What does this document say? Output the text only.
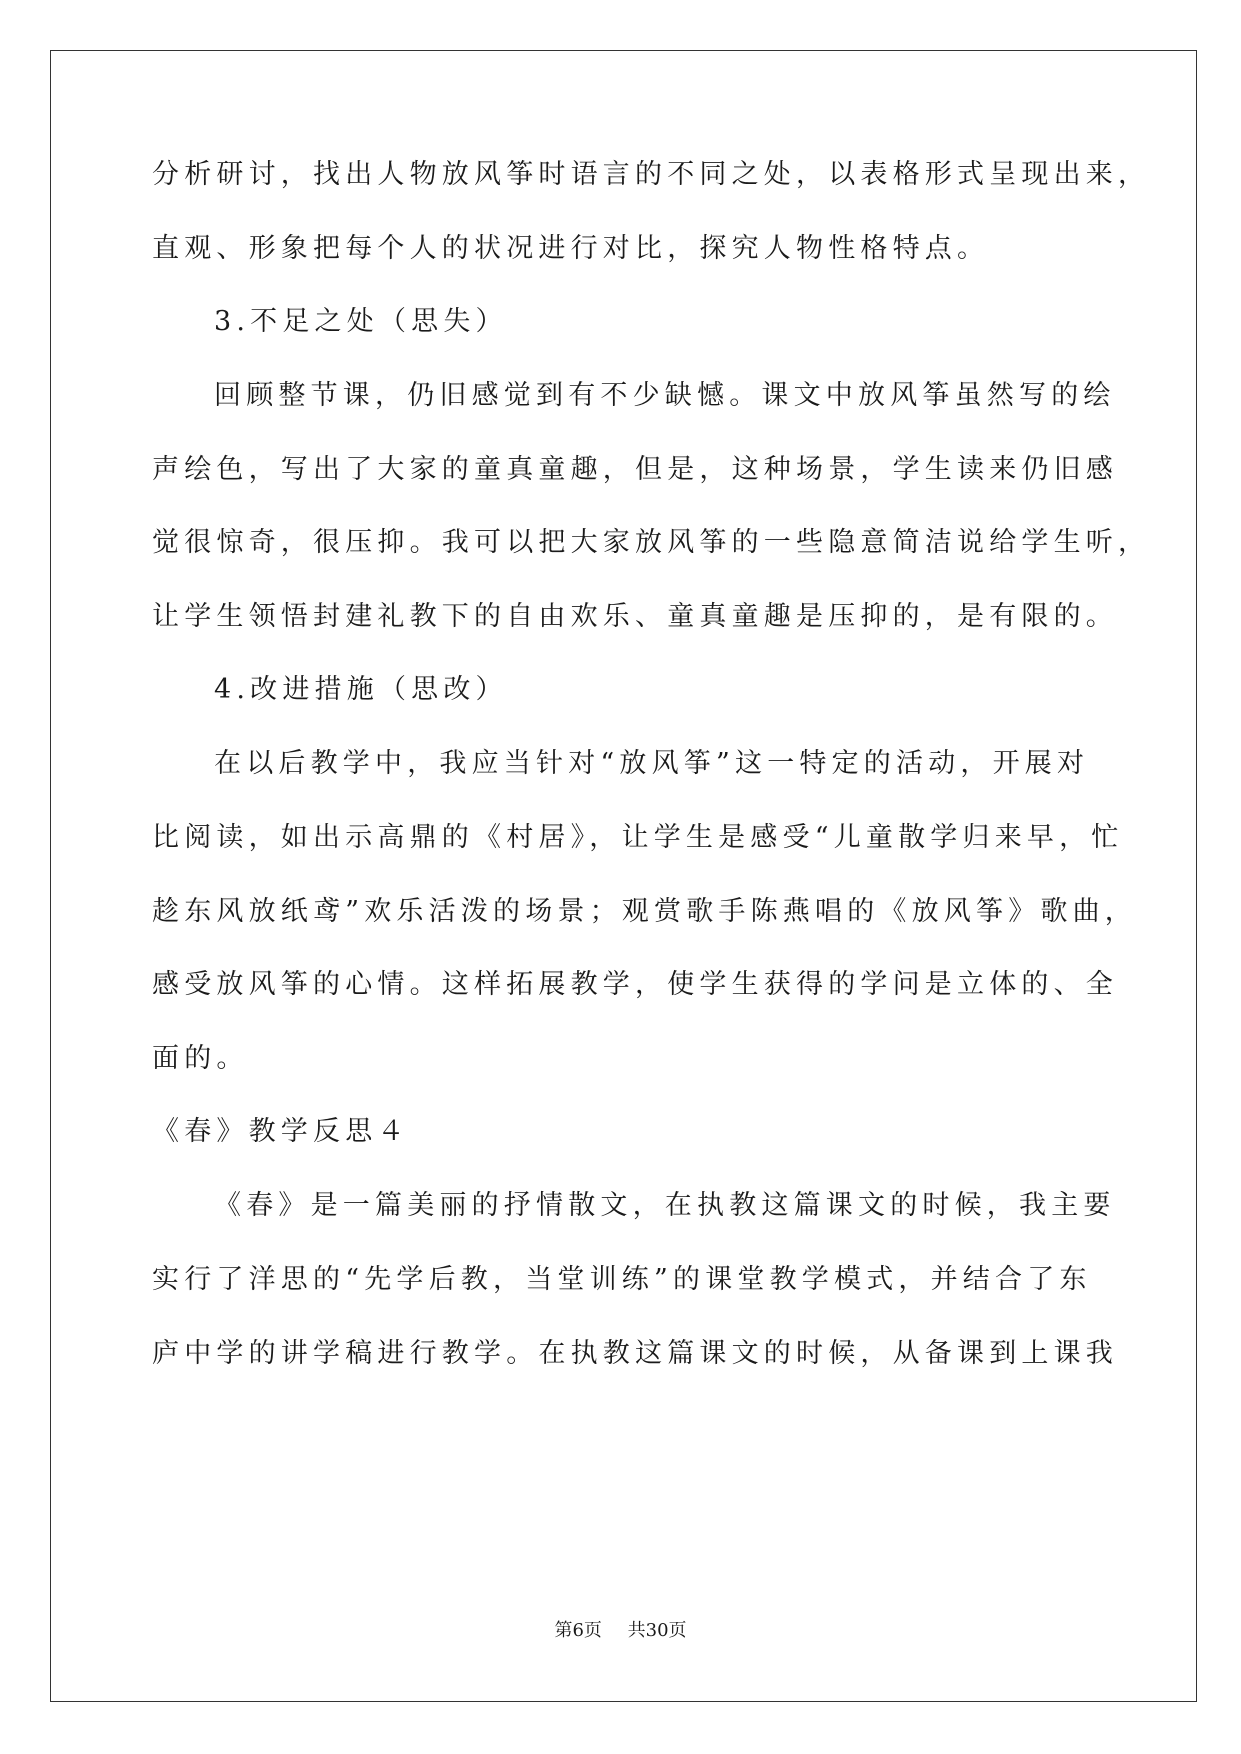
分析研讨，找出人物放风筝时语言的不同之处，以表格形式呈现出来，
直观、形象把每个人的状况进行对比，探究人物性格特点。
3.不足之处（思失）
回顾整节课，仍旧感觉到有不少缺憾。课文中放风筝虽然写的绘
声绘色，写出了大家的童真童趣，但是，这种场景，学生读来仍旧感
觉很惊奇，很压抑。我可以把大家放风筝的一些隐意简洁说给学生听，
让学生领悟封建礼教下的自由欢乐、童真童趣是压抑的，是有限的。
4.改进措施（思改）
在以后教学中，我应当针对“放风筝”这一特定的活动，开展对
比阅读，如出示高鼎的《村居》，让学生是感受“儿童散学归来早，忙
趁东风放纸鸢”欢乐活泼的场景；观赏歌手陈燕唱的《放风筝》歌曲，
感受放风筝的心情。这样拓展教学，使学生获得的学问是立体的、全
面的。
《春》教学反思４
《春》是一篇美丽的抒情散文，在执教这篇课文的时候，我主要
实行了洋思的“先学后教，当堂训练”的课堂教学模式，并结合了东
庐中学的讲学稿进行教学。在执教这篇课文的时候，从备课到上课我
第6页 共30页
